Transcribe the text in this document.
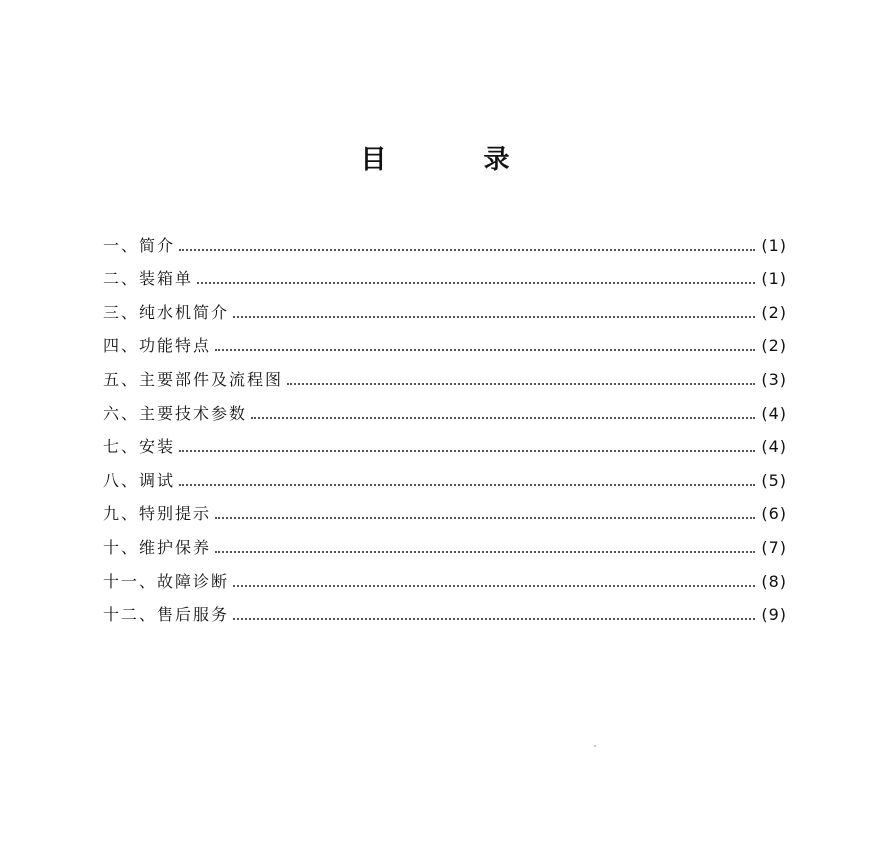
目 录
一、简介	(1)
二、装箱单	(1)
三、纯水机简介	(2)
四、功能特点	(2)
五、主要部件及流程图	(3)
六、主要技术参数	(4)
七、安装	(4)
八、调试	(5)
九、特别提示	(6)
十、维护保养	(7)
十一、故障诊断	(8)
十二、售后服务	(9)
